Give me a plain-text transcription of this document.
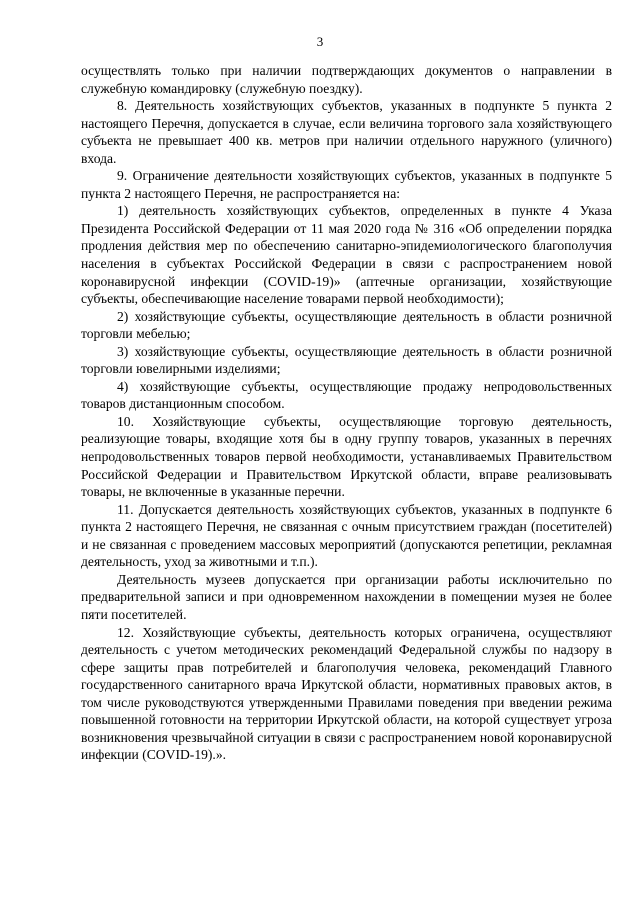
3

осуществлять только при наличии подтверждающих документов о направлении в служебную командировку (служебную поездку).

8. Деятельность хозяйствующих субъектов, указанных в подпункте 5 пункта 2 настоящего Перечня, допускается в случае, если величина торгового зала хозяйствующего субъекта не превышает 400 кв. метров при наличии отдельного наружного (уличного) входа.

9. Ограничение деятельности хозяйствующих субъектов, указанных в подпункте 5 пункта 2 настоящего Перечня, не распространяется на:

1) деятельность хозяйствующих субъектов, определенных в пункте 4 Указа Президента Российской Федерации от 11 мая 2020 года № 316 «Об определении порядка продления действия мер по обеспечению санитарно-эпидемиологического благополучия населения в субъектах Российской Федерации в связи с распространением новой коронавирусной инфекции (COVID-19)» (аптечные организации, хозяйствующие субъекты, обеспечивающие население товарами первой необходимости);

2) хозяйствующие субъекты, осуществляющие деятельность в области розничной торговли мебелью;

3) хозяйствующие субъекты, осуществляющие деятельность в области розничной торговли ювелирными изделиями;

4) хозяйствующие субъекты, осуществляющие продажу непродовольственных товаров дистанционным способом.

10. Хозяйствующие субъекты, осуществляющие торговую деятельность, реализующие товары, входящие хотя бы в одну группу товаров, указанных в перечнях непродовольственных товаров первой необходимости, устанавливаемых Правительством Российской Федерации и Правительством Иркутской области, вправе реализовывать товары, не включенные в указанные перечни.

11. Допускается деятельность хозяйствующих субъектов, указанных в подпункте 6 пункта 2 настоящего Перечня, не связанная с очным присутствием граждан (посетителей) и не связанная с проведением массовых мероприятий (допускаются репетиции, рекламная деятельность, уход за животными и т.п.).

Деятельность музеев допускается при организации работы исключительно по предварительной записи и при одновременном нахождении в помещении музея не более пяти посетителей.

12. Хозяйствующие субъекты, деятельность которых ограничена, осуществляют деятельность с учетом методических рекомендаций Федеральной службы по надзору в сфере защиты прав потребителей и благополучия человека, рекомендаций Главного государственного санитарного врача Иркутской области, нормативных правовых актов, в том числе руководствуются утвержденными Правилами поведения при введении режима повышенной готовности на территории Иркутской области, на которой существует угроза возникновения чрезвычайной ситуации в связи с распространением новой коронавирусной инфекции (COVID-19).».
